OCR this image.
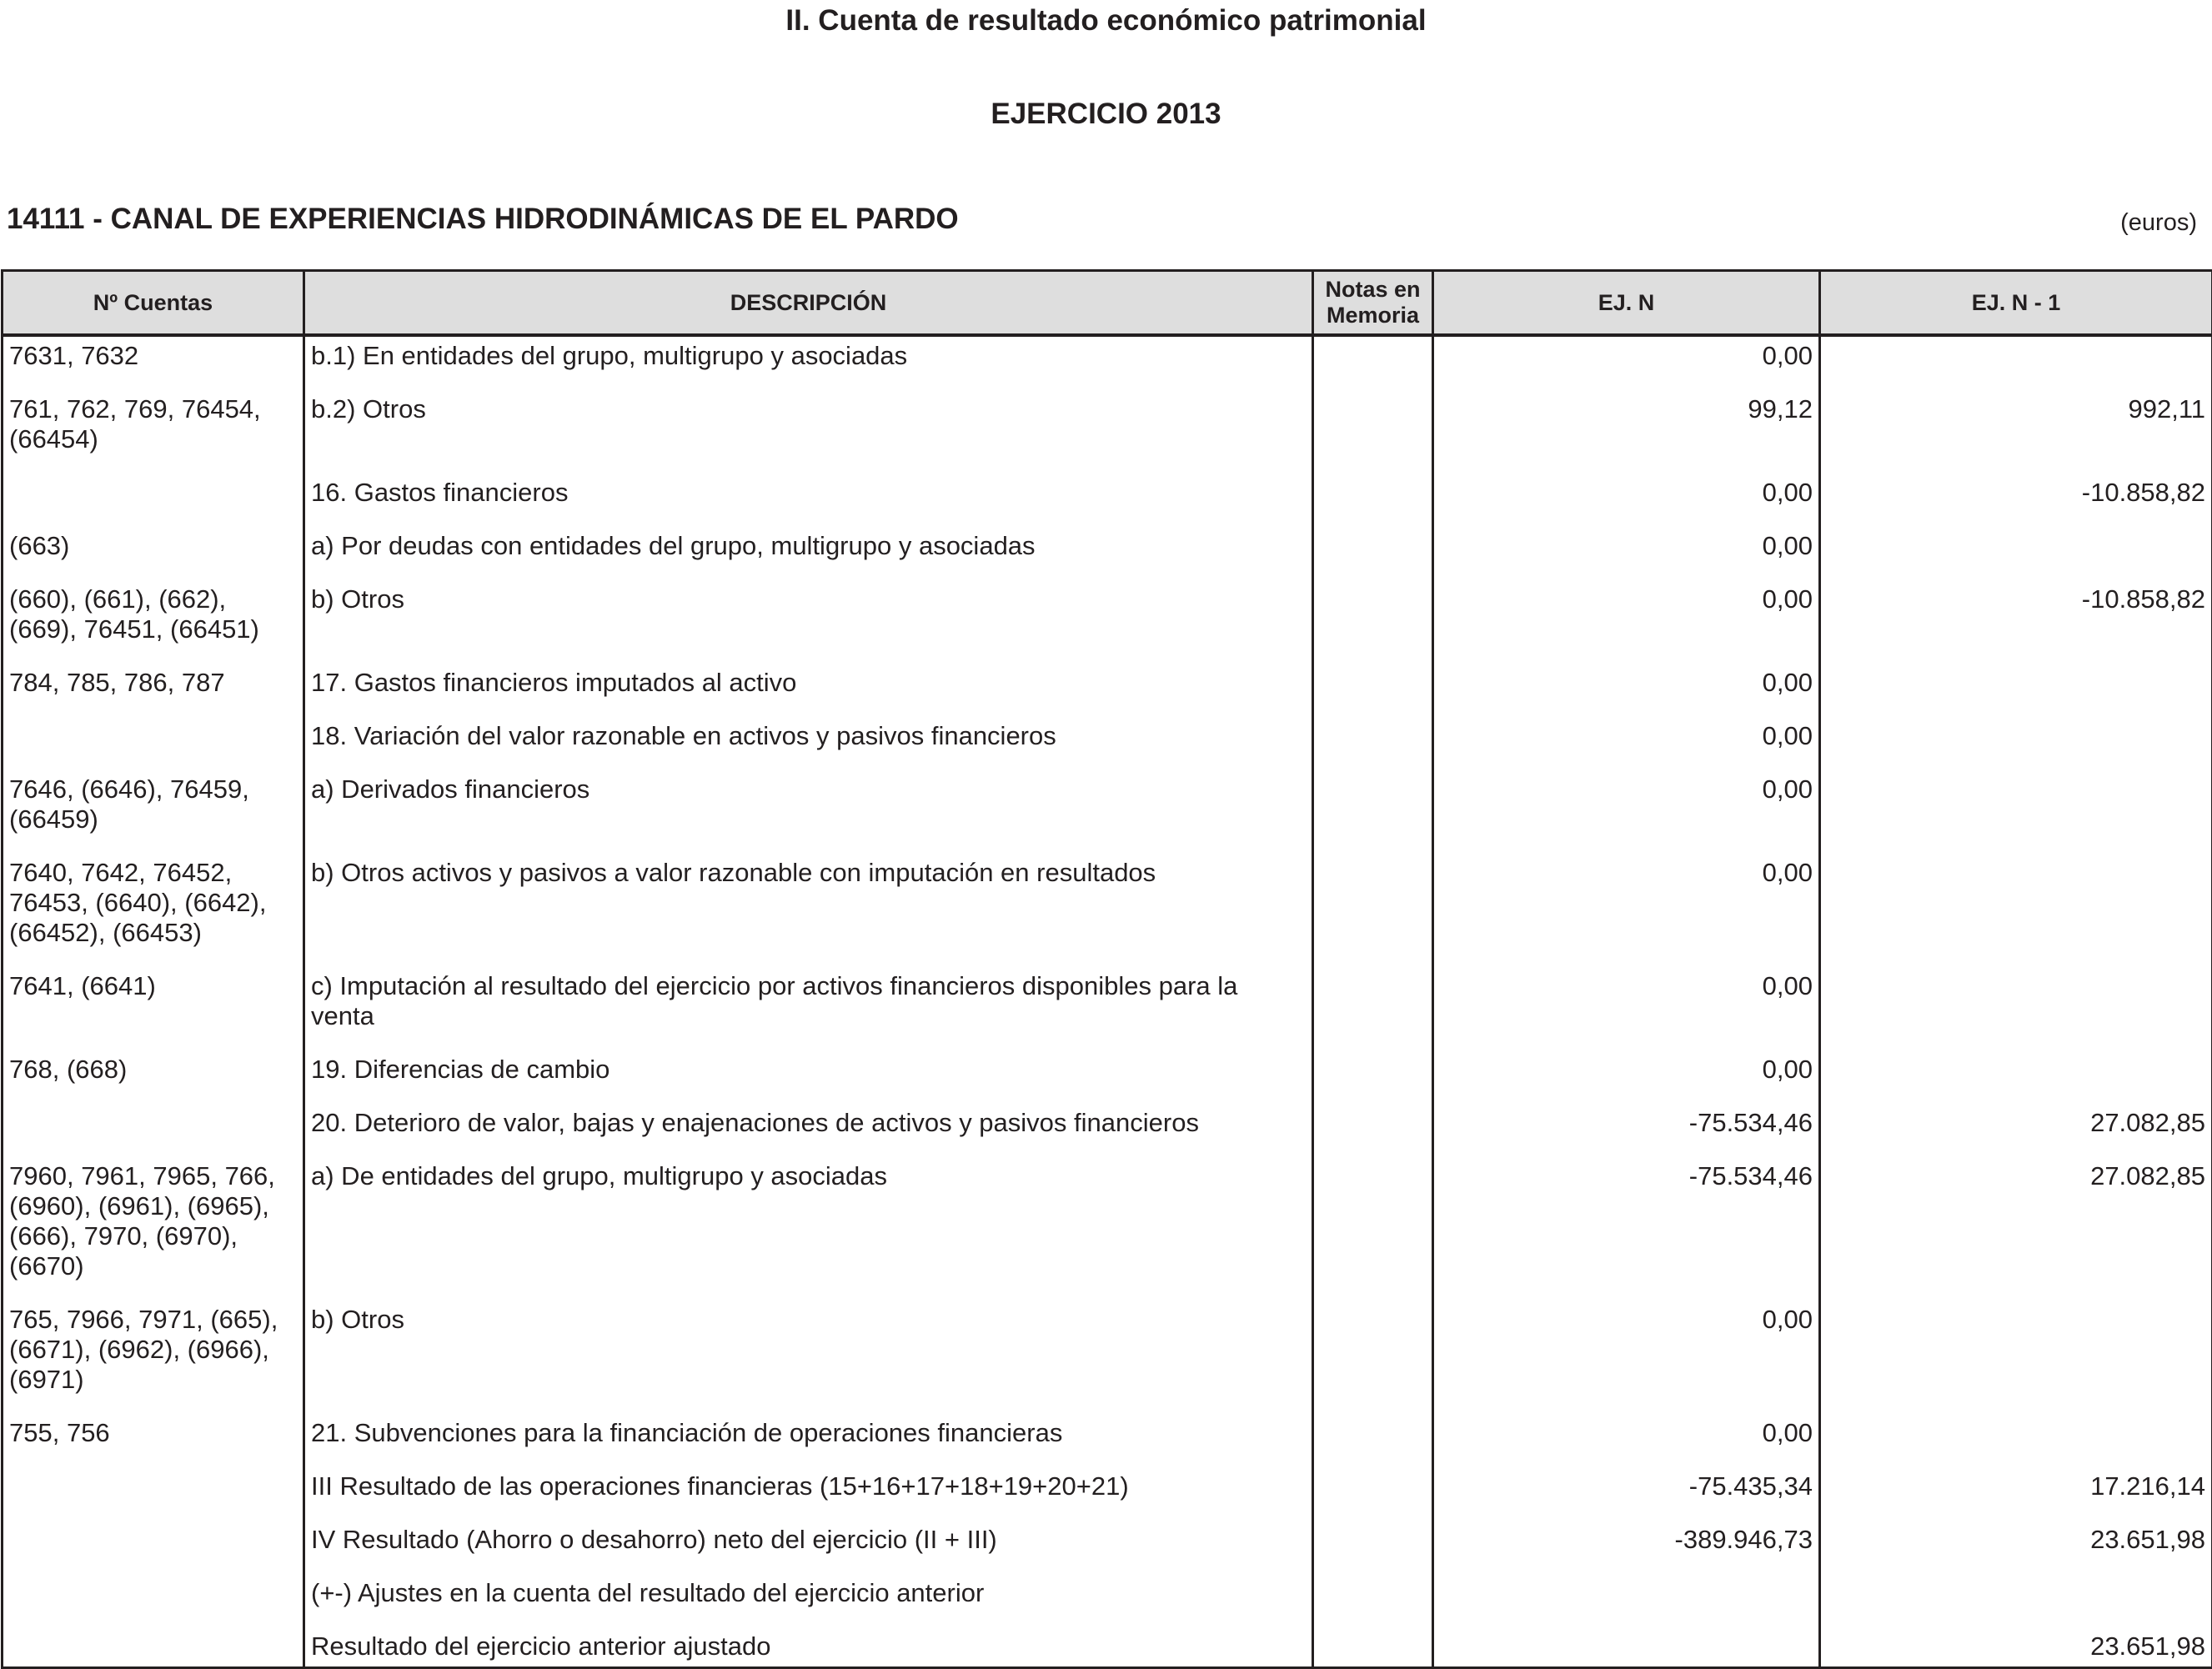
II. Cuenta de resultado económico patrimonial
EJERCICIO 2013
14111 - CANAL DE EXPERIENCIAS HIDRODINÁMICAS DE EL PARDO	(euros)
Nº Cuentas	DESCRIPCIÓN	Notas en Memoria	EJ. N	EJ. N - 1
7631, 7632	b.1) En entidades del grupo, multigrupo y asociadas		0,00	
761, 762, 769, 76454, (66454)	b.2) Otros		99,12	992,11
	16. Gastos financieros		0,00	-10.858,82
(663)	a) Por deudas con entidades del grupo, multigrupo y asociadas		0,00	
(660), (661), (662), (669), 76451, (66451)	b) Otros		0,00	-10.858,82
784, 785, 786, 787	17. Gastos financieros imputados al activo		0,00	
	18. Variación del valor razonable en activos y pasivos financieros		0,00	
7646, (6646), 76459, (66459)	a) Derivados financieros		0,00	
7640, 7642, 76452, 76453, (6640), (6642), (66452), (66453)	b) Otros activos y pasivos a valor razonable con imputación en resultados		0,00	
7641, (6641)	c) Imputación al resultado del ejercicio por activos financieros disponibles para la venta		0,00	
768, (668)	19. Diferencias de cambio		0,00	
	20. Deterioro de valor, bajas y enajenaciones de activos y pasivos financieros		-75.534,46	27.082,85
7960, 7961, 7965, 766, (6960), (6961), (6965), (666), 7970, (6970), (6670)	a) De entidades del grupo, multigrupo y asociadas		-75.534,46	27.082,85
765, 7966, 7971, (665), (6671), (6962), (6966), (6971)	b) Otros		0,00	
755, 756	21. Subvenciones para la financiación de operaciones financieras		0,00	
	III Resultado de las operaciones financieras (15+16+17+18+19+20+21)		-75.435,34	17.216,14
	IV Resultado (Ahorro o desahorro) neto del ejercicio (II + III)		-389.946,73	23.651,98
	(+-) Ajustes en la cuenta del resultado del ejercicio anterior			
	Resultado del ejercicio anterior ajustado			23.651,98
